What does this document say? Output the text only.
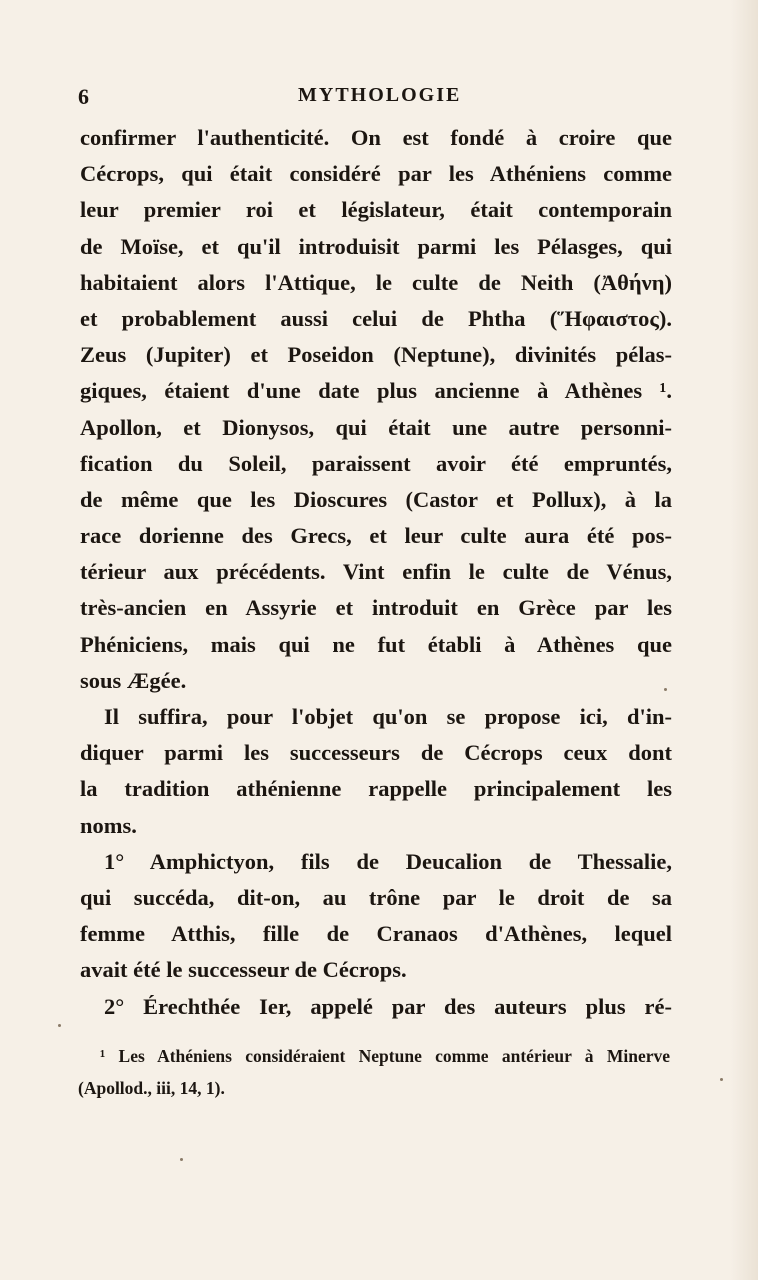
6	MYTHOLOGIE
confirmer l'authenticité. On est fondé à croire que
Cécrops, qui était considéré par les Athéniens comme
leur premier roi et législateur, était contemporain
de Moïse, et qu'il introduisit parmi les Pélasges, qui
habitaient alors l'Attique, le culte de Neith (Ἀθήνη)
et probablement aussi celui de Phtha (Ἥφαιστος).
Zeus (Jupiter) et Poseidon (Neptune), divinités pélas-
giques, étaient d'une date plus ancienne à Athènes ¹.
Apollon, et Dionysos, qui était une autre personni-
fication du Soleil, paraissent avoir été empruntés,
de même que les Dioscures (Castor et Pollux), à la
race dorienne des Grecs, et leur culte aura été pos-
térieur aux précédents. Vint enfin le culte de Vénus,
très-ancien en Assyrie et introduit en Grèce par les
Phéniciens, mais qui ne fut établi à Athènes que
sous Ægée.
Il suffira, pour l'objet qu'on se propose ici, d'in-
diquer parmi les successeurs de Cécrops ceux dont
la tradition athénienne rappelle principalement les
noms.
1° Amphictyon, fils de Deucalion de Thessalie,
qui succéda, dit-on, au trône par le droit de sa
femme Atthis, fille de Cranaos d'Athènes, lequel
avait été le successeur de Cécrops.
2° Érechthée Ier, appelé par des auteurs plus ré-
¹ Les Athéniens considéraient Neptune comme antérieur à Minerve
(Apollod., iii, 14, 1).
